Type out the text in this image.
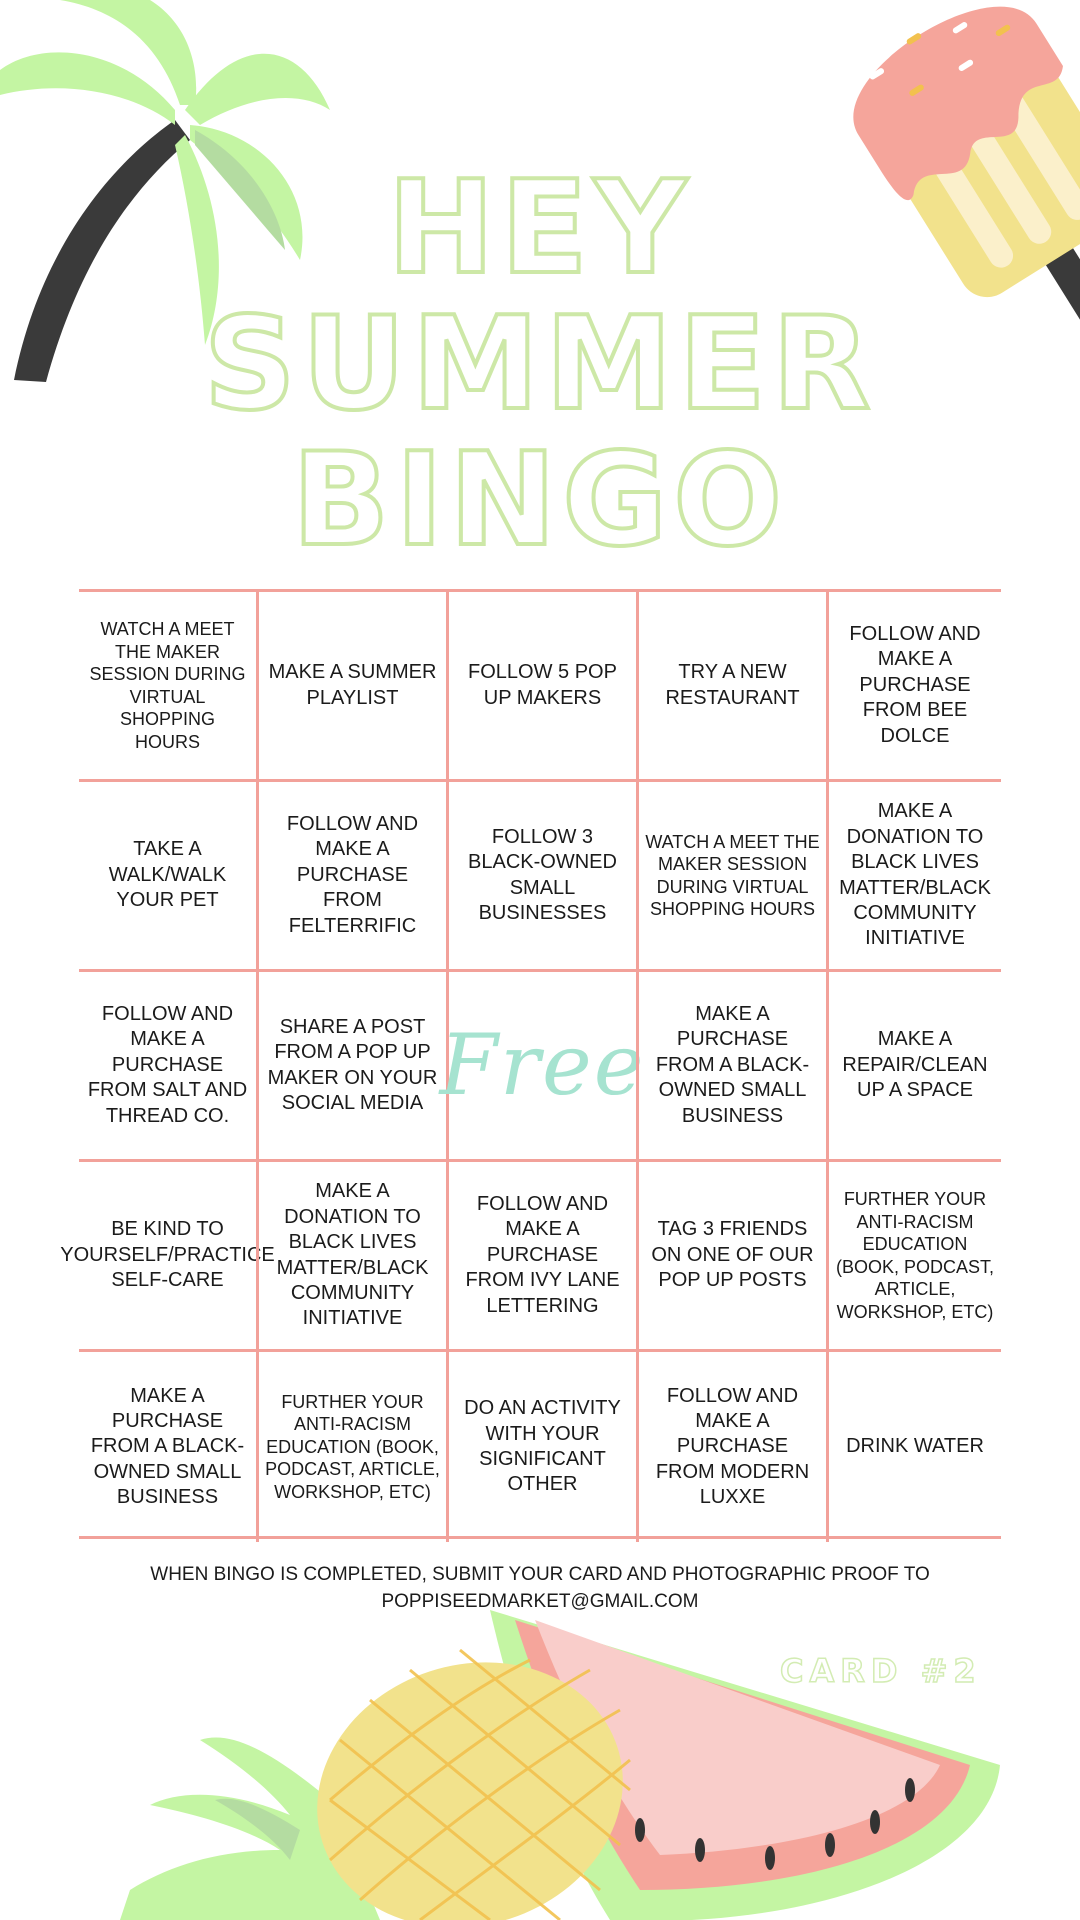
HEY
SUMMER
BINGO
WATCH A MEET THE MAKER SESSION DURING VIRTUAL SHOPPING HOURS
MAKE A SUMMER PLAYLIST
FOLLOW 5 POP UP MAKERS
TRY A NEW RESTAURANT
FOLLOW AND MAKE A PURCHASE FROM BEE DOLCE
TAKE A WALK/WALK YOUR PET
FOLLOW AND MAKE A PURCHASE FROM FELTERRIFIC
FOLLOW 3 BLACK-OWNED SMALL BUSINESSES
WATCH A MEET THE MAKER SESSION DURING VIRTUAL SHOPPING HOURS
MAKE A DONATION TO BLACK LIVES MATTER/BLACK COMMUNITY INITIATIVE
FOLLOW AND MAKE A PURCHASE FROM SALT AND THREAD CO.
SHARE A POST FROM A POP UP MAKER ON YOUR SOCIAL MEDIA Free
MAKE A PURCHASE FROM A BLACK-OWNED SMALL BUSINESS
MAKE A REPAIR/CLEAN UP A SPACE
BE KIND TO YOURSELF/PRACTICE SELF-CARE
MAKE A DONATION TO BLACK LIVES MATTER/BLACK COMMUNITY INITIATIVE
FOLLOW AND MAKE A PURCHASE FROM IVY LANE LETTERING
TAG 3 FRIENDS ON ONE OF OUR POP UP POSTS
FURTHER YOUR ANTI-RACISM EDUCATION (BOOK, PODCAST, ARTICLE, WORKSHOP, ETC)
MAKE A PURCHASE FROM A BLACK-OWNED SMALL BUSINESS
FURTHER YOUR ANTI-RACISM EDUCATION (BOOK, PODCAST, ARTICLE, WORKSHOP, ETC)
DO AN ACTIVITY WITH YOUR SIGNIFICANT OTHER
FOLLOW AND MAKE A PURCHASE FROM MODERN LUXXE
DRINK WATER

WHEN BINGO IS COMPLETED, SUBMIT YOUR CARD AND PHOTOGRAPHIC PROOF TO
POPPISEEDMARKET@GMAIL.COM

CARD #2
